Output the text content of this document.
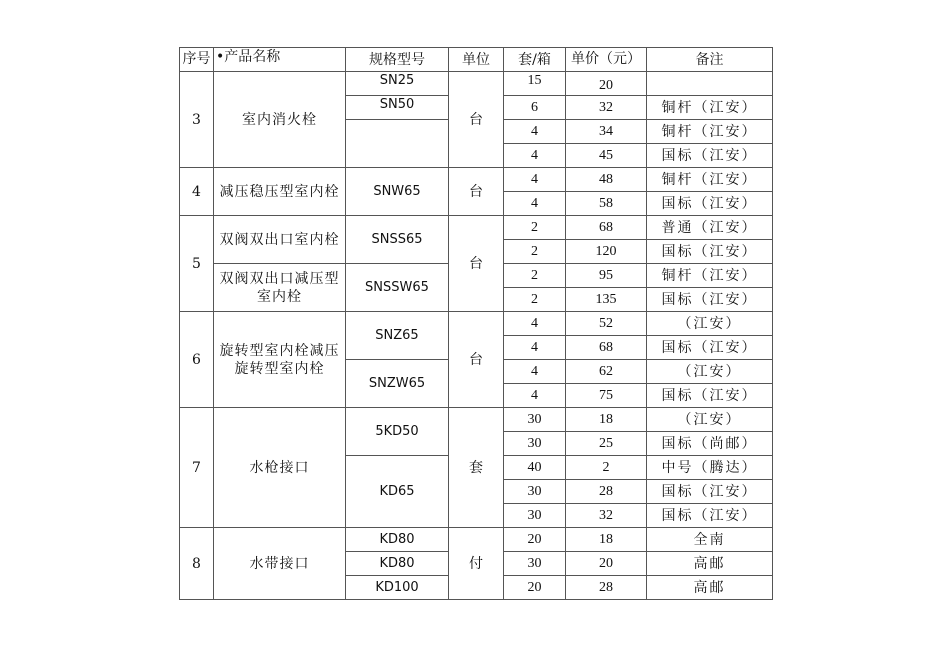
序号	•产品名称	规格型号	单位	套/箱	单价（元）	备注
3	室内消火栓	SN25	台	15	20	
		SN50		6	32	铜杆（江安）
				4	34	铜杆（江安）
				4	45	国标（江安）
4	减压稳压型室内栓	SNW65	台	4	48	铜杆（江安）
				4	58	国标（江安）
5	双阀双出口室内栓	SNSS65	台	2	68	普通（江安）
				2	120	国标（江安）

	双阀双出口减压型室内栓	SNSSW65		2	95	铜杆（江安）
				2	135	国标（江安）
6	旋转型室内栓减压旋转型室内栓	SNZ65	台	4	52	（江安）
				4	68	国标（江安）
		SNZW65		4	62	（江安）
				4	75	国标（江安）
7	水枪接口	5KD50	套	30	18	（江安）
				30	25	国标（尚邮）
		KD65		40	2	中号（腾达）
				30	28	国标（江安）
				30	32	国标（江安）
8	水带接口	KD80	付	20	18	全南
		KD80		30	20	高邮
		KD100		20	28	高邮
